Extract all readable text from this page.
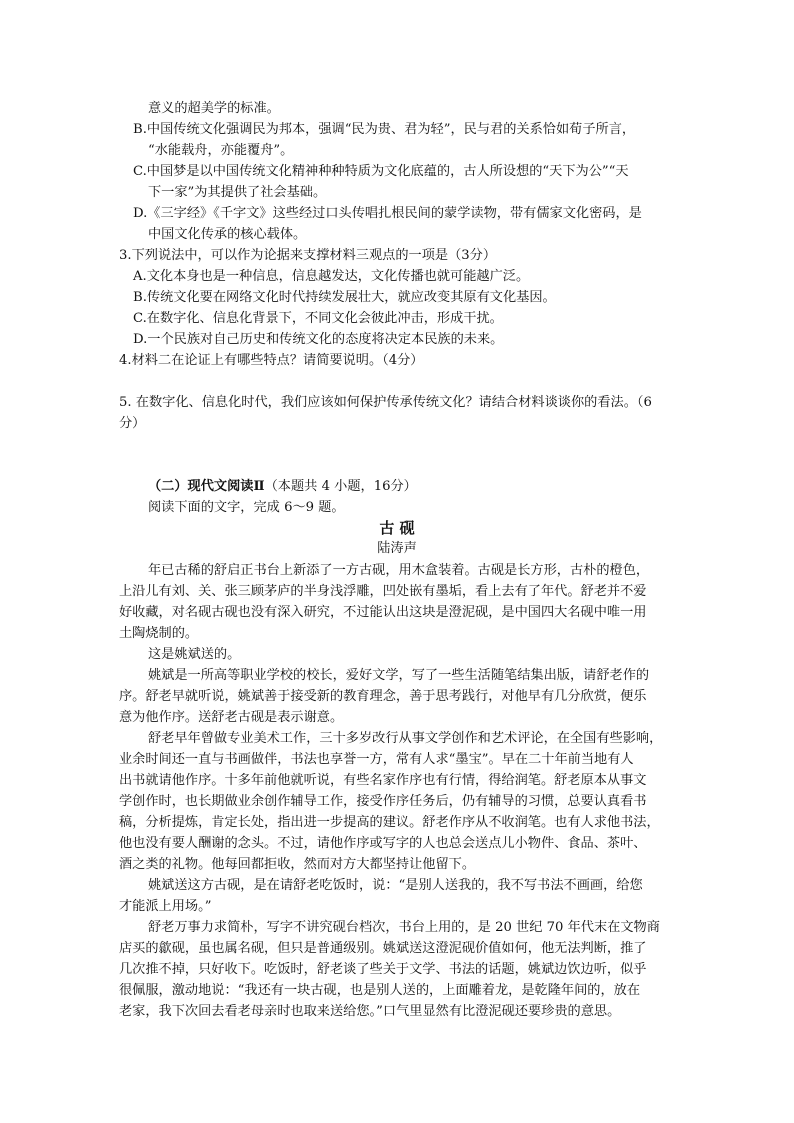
意义的超美学的标准。
B.中国传统文化强调民为邦本，强调“民为贵、君为轻”，民与君的关系恰如荀子所言，
“水能载舟，亦能覆舟”。
C.中国梦是以中国传统文化精神种种特质为文化底蕴的，古人所设想的“天下为公”“天
下一家”为其提供了社会基础。
D.《三字经》《千字文》这些经过口头传唱扎根民间的蒙学读物，带有儒家文化密码，是
中国文化传承的核心载体。
3.下列说法中，可以作为论据来支撑材料三观点的一项是（3分）
A.文化本身也是一种信息，信息越发达，文化传播也就可能越广泛。
B.传统文化要在网络文化时代持续发展壮大，就应改变其原有文化基因。
C.在数字化、信息化背景下，不同文化会彼此冲击，形成干扰。
D.一个民族对自己历史和传统文化的态度将决定本民族的未来。
4.材料二在论证上有哪些特点？请简要说明。（4分）
5. 在数字化、信息化时代，我们应该如何保护传承传统文化？请结合材料谈谈你的看法。（6
分）
（二）现代文阅读Ⅱ（本题共 4 小题，16分）
阅读下面的文字，完成 6～9 题。
古 砚
陆涛声
年已古稀的舒启正书台上新添了一方古砚，用木盒装着。古砚是长方形，古朴的橙色，
上沿儿有刘、关、张三顾茅庐的半身浅浮雕，凹处嵌有墨垢，看上去有了年代。舒老并不爱
好收藏，对名砚古砚也没有深入研究，不过能认出这块是澄泥砚，是中国四大名砚中唯一用
土陶烧制的。
这是姚斌送的。
姚斌是一所高等职业学校的校长，爱好文学，写了一些生活随笔结集出版，请舒老作的
序。舒老早就听说，姚斌善于接受新的教育理念，善于思考践行，对他早有几分欣赏，便乐
意为他作序。送舒老古砚是表示谢意。
舒老早年曾做专业美术工作，三十多岁改行从事文学创作和艺术评论，在全国有些影响，
业余时间还一直与书画做伴，书法也享誉一方，常有人求“墨宝”。早在二十年前当地有人
出书就请他作序。十多年前他就听说，有些名家作序也有行情，得给润笔。舒老原本从事文
学创作时，也长期做业余创作辅导工作，接受作序任务后，仍有辅导的习惯，总要认真看书
稿，分析提炼，肯定长处，指出进一步提高的建议。舒老作序从不收润笔。也有人求他书法，
他也没有要人酬谢的念头。不过，请他作序或写字的人也总会送点儿小物件、食品、茶叶、
酒之类的礼物。他每回都拒收，然而对方大都坚持让他留下。
姚斌送这方古砚，是在请舒老吃饭时，说：“是别人送我的，我不写书法不画画，给您
才能派上用场。”
舒老万事力求简朴，写字不讲究砚台档次，书台上用的，是 20 世纪 70 年代末在文物商
店买的歙砚，虽也属名砚，但只是普通级别。姚斌送这澄泥砚价值如何，他无法判断，推了
几次推不掉，只好收下。吃饭时，舒老谈了些关于文学、书法的话题，姚斌边饮边听，似乎
很佩服，激动地说：“我还有一块古砚，也是别人送的，上面雕着龙，是乾隆年间的，放在
老家，我下次回去看老母亲时也取来送给您。”口气里显然有比澄泥砚还要珍贵的意思。
